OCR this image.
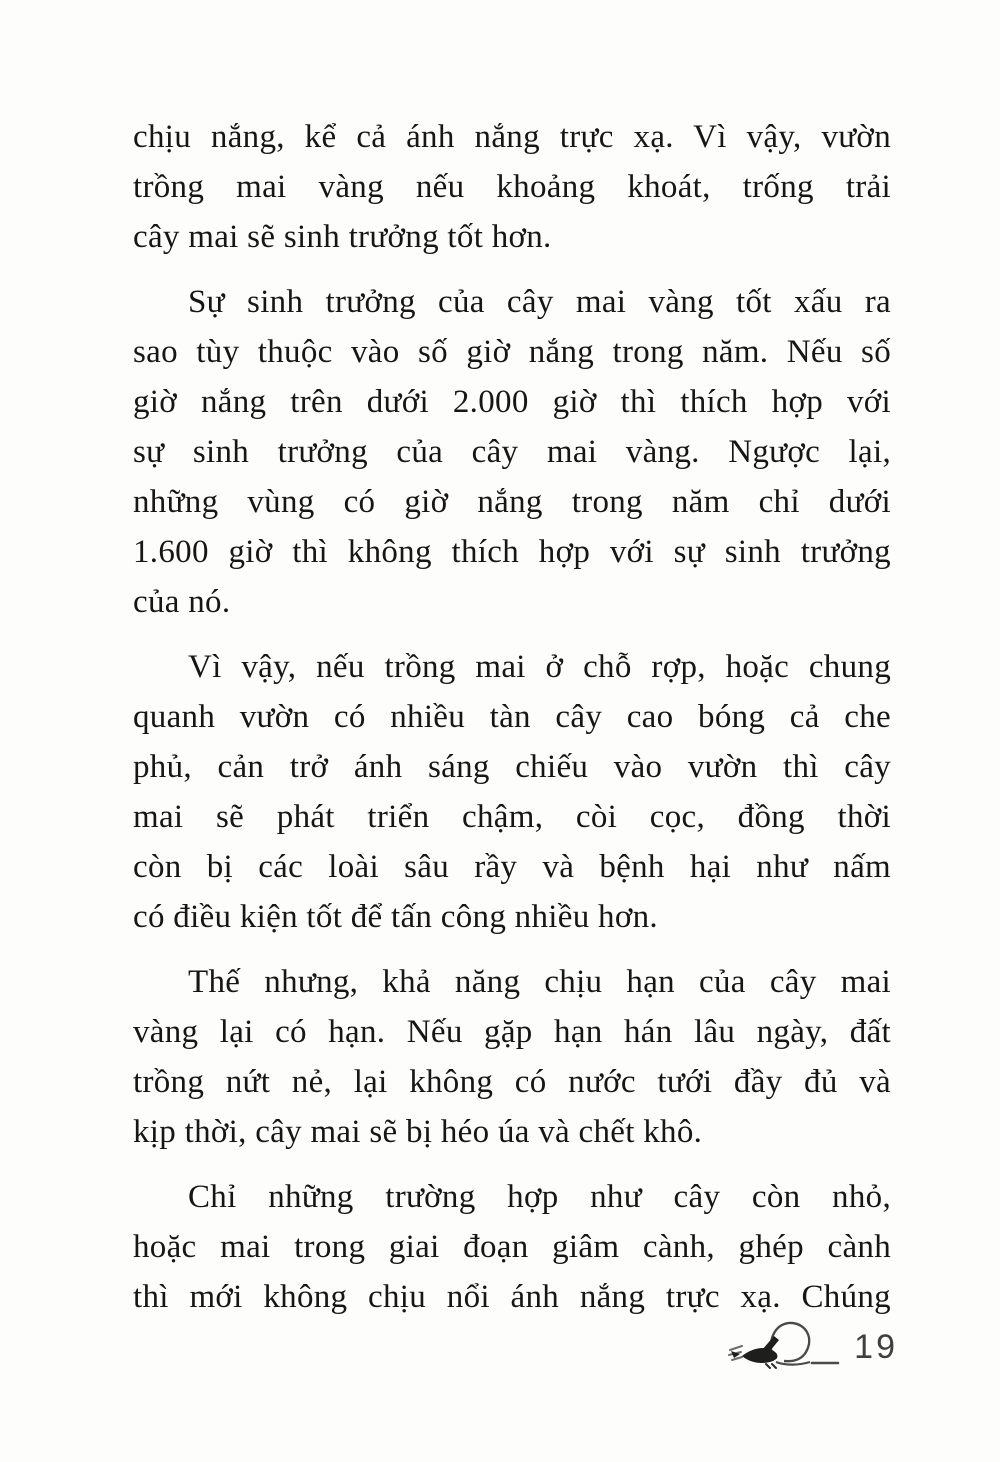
chịu nắng, kể cả ánh nắng trực xạ. Vì vậy, vườn
trồng mai vàng nếu khoảng khoát, trống trải
cây mai sẽ sinh trưởng tốt hơn.
Sự sinh trưởng của cây mai vàng tốt xấu ra
sao tùy thuộc vào số giờ nắng trong năm. Nếu số
giờ nắng trên dưới 2.000 giờ thì thích hợp với
sự sinh trưởng của cây mai vàng. Ngược lại,
những vùng có giờ nắng trong năm chỉ dưới
1.600 giờ thì không thích hợp với sự sinh trưởng
của nó.
Vì vậy, nếu trồng mai ở chỗ rợp, hoặc chung
quanh vườn có nhiều tàn cây cao bóng cả che
phủ, cản trở ánh sáng chiếu vào vườn thì cây
mai sẽ phát triển chậm, còi cọc, đồng thời
còn bị các loài sâu rầy và bệnh hại như nấm
có điều kiện tốt để tấn công nhiều hơn.
Thế nhưng, khả năng chịu hạn của cây mai
vàng lại có hạn. Nếu gặp hạn hán lâu ngày, đất
trồng nứt nẻ, lại không có nước tưới đầy đủ và
kịp thời, cây mai sẽ bị héo úa và chết khô.
Chỉ những trường hợp như cây còn nhỏ,
hoặc mai trong giai đoạn giâm cành, ghép cành
thì mới không chịu nổi ánh nắng trực xạ. Chúng
19
